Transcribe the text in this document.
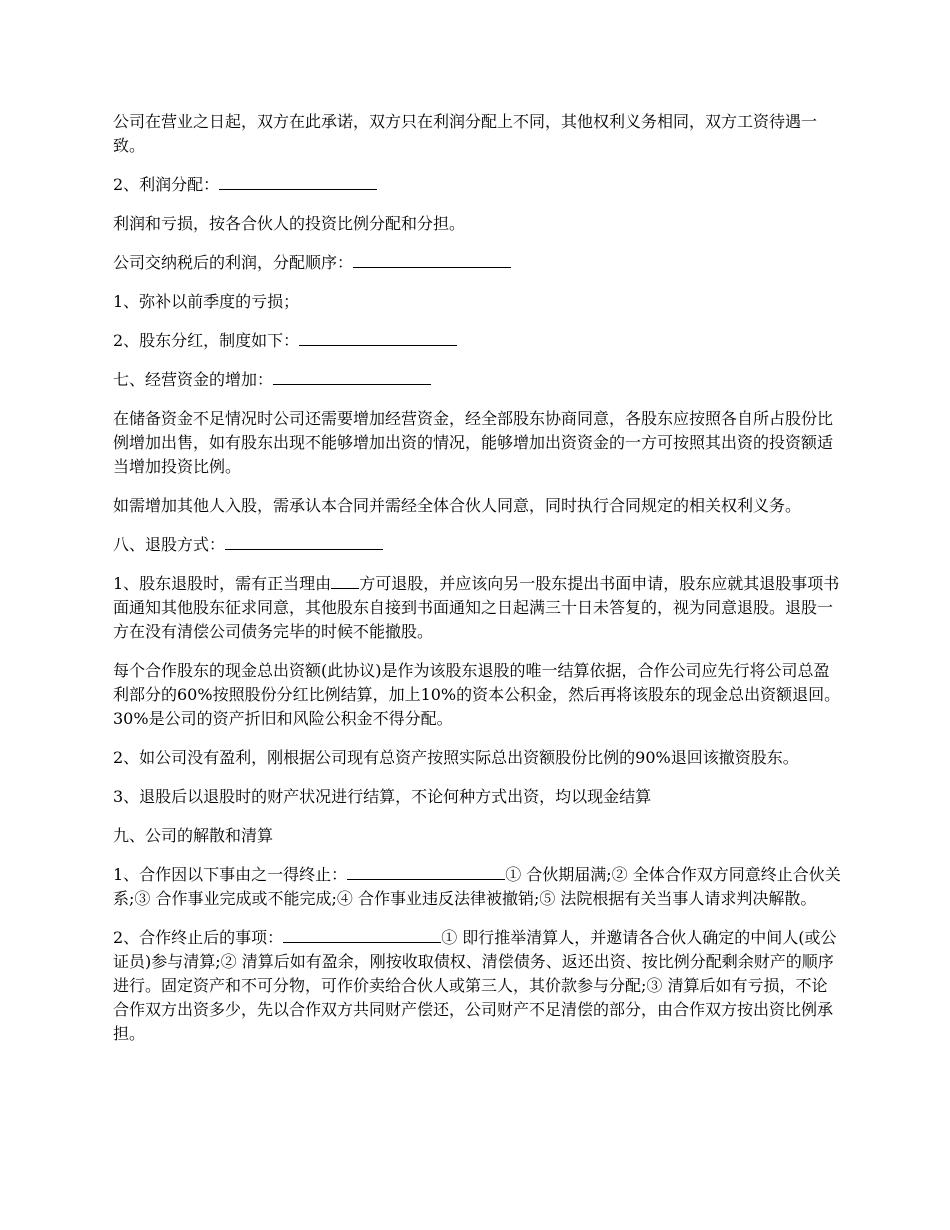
公司在营业之日起，双方在此承诺，双方只在利润分配上不同，其他权利义务相同，双方工资待遇一致。

2、利润分配：

利润和亏损，按各合伙人的投资比例分配和分担。

公司交纳税后的利润，分配顺序：

1、弥补以前季度的亏损；

2、股东分红，制度如下：

七、经营资金的增加：

在储备资金不足情况时公司还需要增加经营资金，经全部股东协商同意，各股东应按照各自所占股份比例增加出售，如有股东出现不能够增加出资的情况，能够增加出资资金的一方可按照其出资的投资额适当增加投资比例。

如需增加其他人入股，需承认本合同并需经全体合伙人同意，同时执行合同规定的相关权利义务。

八、退股方式：

1、股东退股时，需有正当理由 方可退股，并应该向另一股东提出书面申请，股东应就其退股事项书面通知其他股东征求同意，其他股东自接到书面通知之日起满三十日未答复的，视为同意退股。退股一方在没有清偿公司债务完毕的时候不能撤股。

每个合作股东的现金总出资额(此协议)是作为该股东退股的唯一结算依据，合作公司应先行将公司总盈利部分的60%按照股份分红比例结算，加上10%的资本公积金，然后再将该股东的现金总出资额退回。30%是公司的资产折旧和风险公积金不得分配。

2、如公司没有盈利，刚根据公司现有总资产按照实际总出资额股份比例的90%退回该撤资股东。

3、退股后以退股时的财产状况进行结算，不论何种方式出资，均以现金结算

九、公司的解散和清算

1、合作因以下事由之一得终止：	① 合伙期届满;② 全体合作双方同意终止合伙关系;③ 合作事业完成或不能完成;④ 合作事业违反法律被撤销;⑤ 法院根据有关当事人请求判决解散。

2、合作终止后的事项：	① 即行推举清算人，并邀请各合伙人确定的中间人(或公证员)参与清算;② 清算后如有盈余，刚按收取债权、清偿债务、返还出资、按比例分配剩余财产的顺序进行。固定资产和不可分物，可作价卖给合伙人或第三人，其价款参与分配;③ 清算后如有亏损，不论合作双方出资多少，先以合作双方共同财产偿还，公司财产不足清偿的部分，由合作双方按出资比例承担。
